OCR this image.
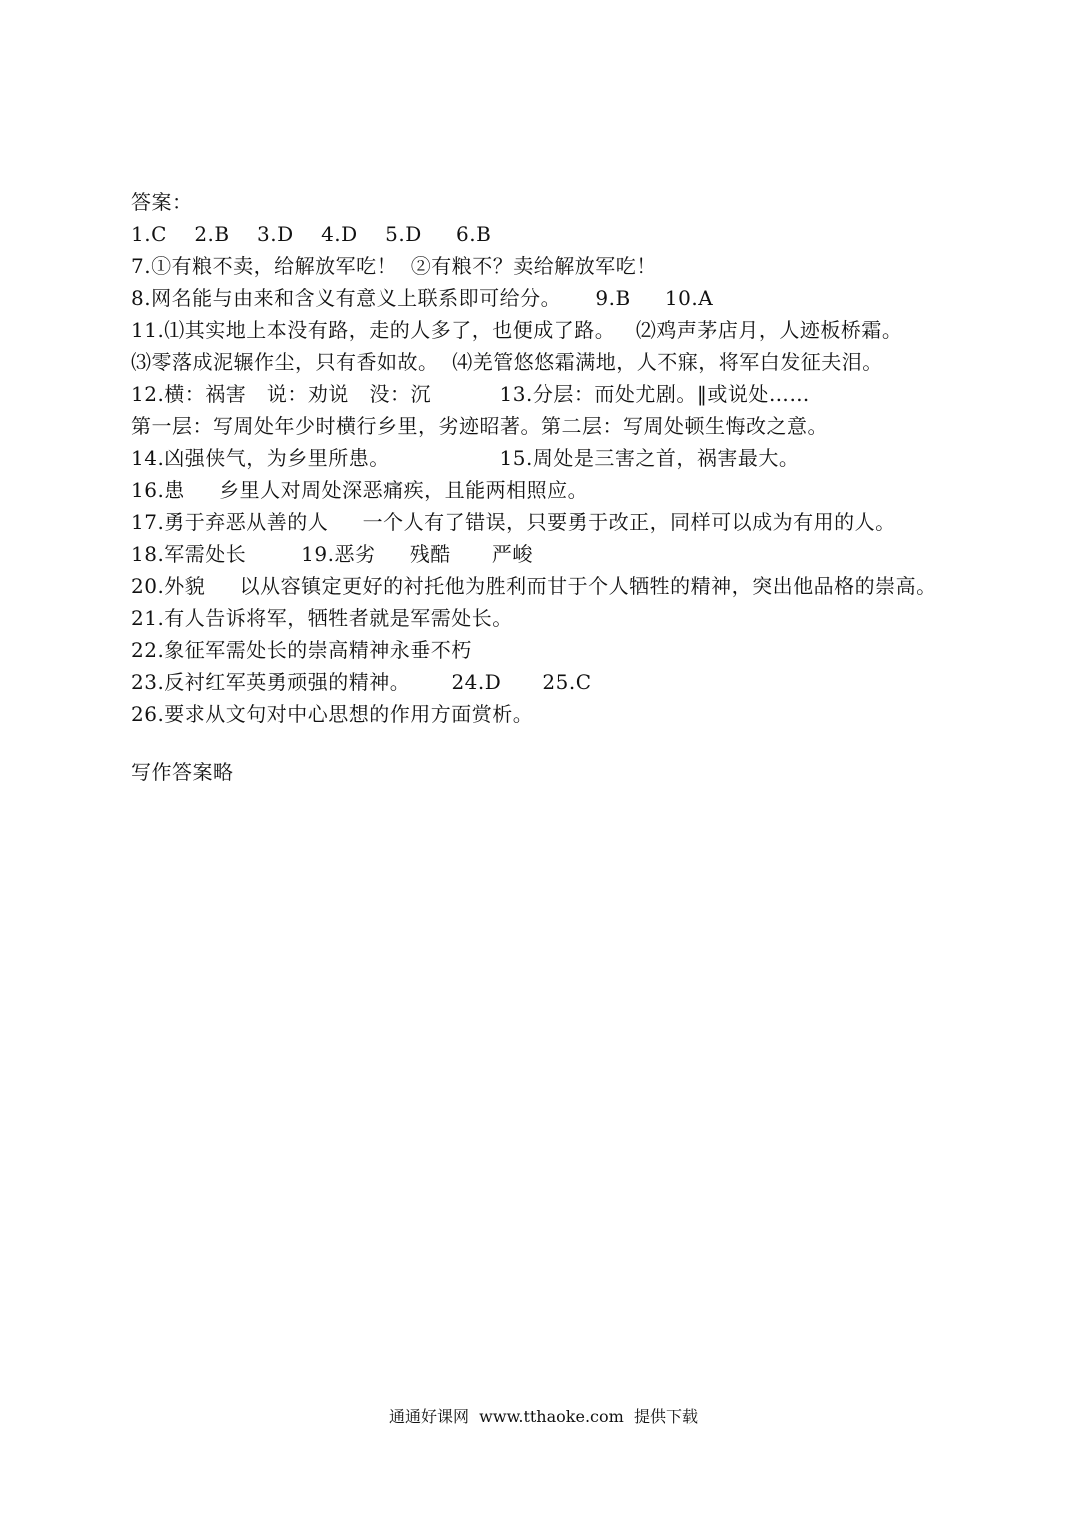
答案：
1.C    2.B    3.D    4.D    5.D     6.B
7.①有粮不卖，给解放军吃！  ②有粮不？卖给解放军吃！
8.网名能与由来和含义有意义上联系即可给分。     9.B     10.A
11.⑴其实地上本没有路，走的人多了，也便成了路。   ⑵鸡声茅店月，人迹板桥霜。
⑶零落成泥辗作尘，只有香如故。  ⑷羌管悠悠霜满地，人不寐，将军白发征夫泪。
12.横：祸害   说：劝说   没：沉          13.分层：而处尤剧。‖或说处……
第一层：写周处年少时横行乡里，劣迹昭著。第二层：写周处顿生悔改之意。
14.凶强侠气，为乡里所患。                15.周处是三害之首，祸害最大。
16.患     乡里人对周处深恶痛疾，且能两相照应。
17.勇于弃恶从善的人     一个人有了错误，只要勇于改正，同样可以成为有用的人。
18.军需处长        19.恶劣     残酷      严峻
20.外貌     以从容镇定更好的衬托他为胜利而甘于个人牺牲的精神，突出他品格的崇高。
21.有人告诉将军，牺牲者就是军需处长。
22.象征军需处长的崇高精神永垂不朽
23.反衬红军英勇顽强的精神。      24.D      25.C
26.要求从文句对中心思想的作用方面赏析。
写作答案略
通通好课网  www.tthaoke.com  提供下载
